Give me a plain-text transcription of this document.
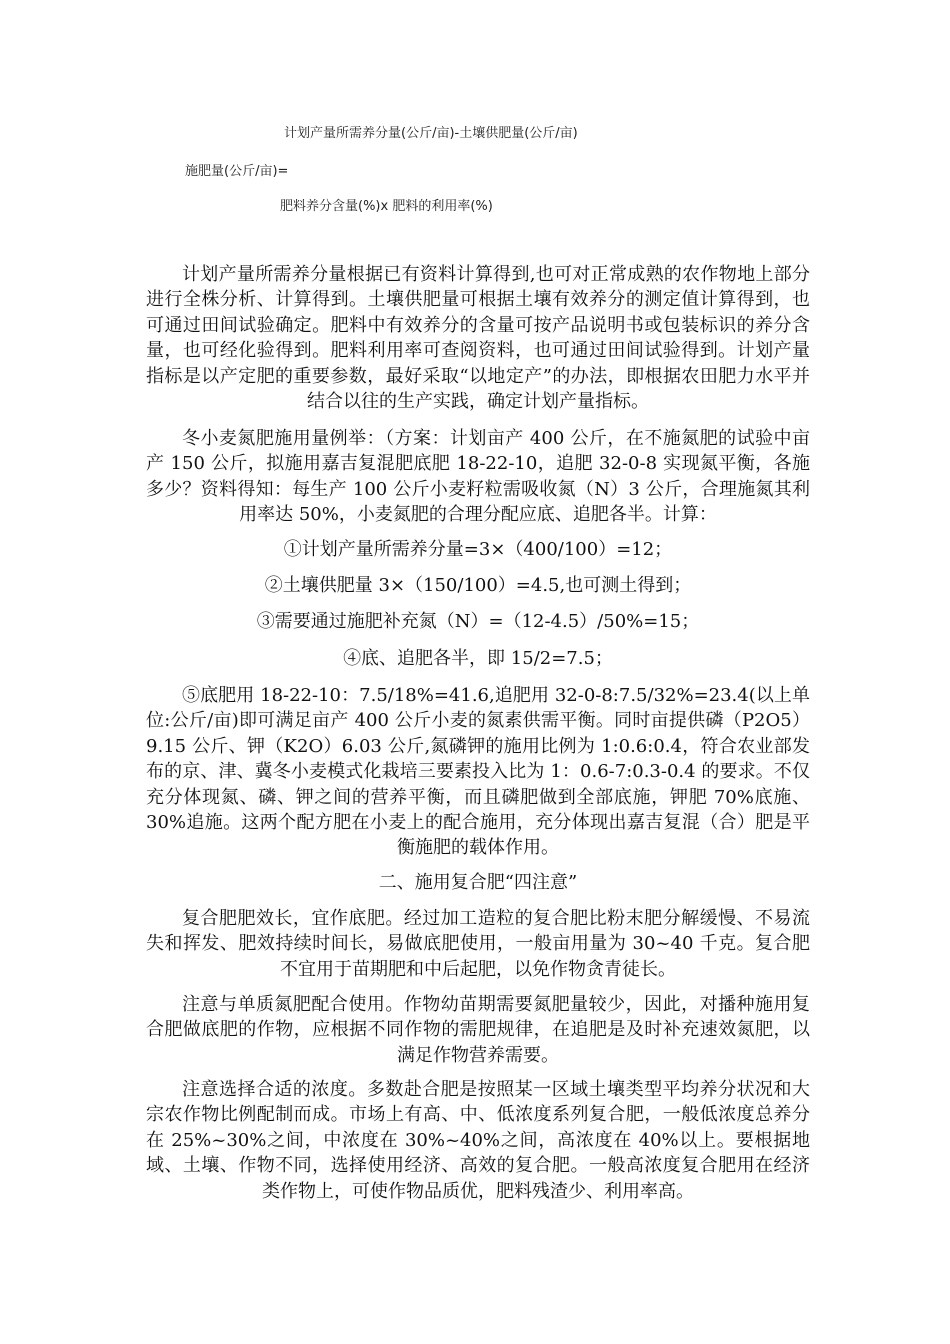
计划产量所需养分量(公斤/亩)-土壤供肥量(公斤/亩)
施肥量(公斤/亩)=
肥料养分含量(%)x 肥料的利用率(%)

计划产量所需养分量根据已有资料计算得到,也可对正常成熟的农作物地上部分进行全株分析、计算得到。土壤供肥量可根据土壤有效养分的测定值计算得到，也可通过田间试验确定。肥料中有效养分的含量可按产品说明书或包装标识的养分含量，也可经化验得到。肥料利用率可查阅资料，也可通过田间试验得到。计划产量指标是以产定肥的重要参数，最好采取“以地定产”的办法，即根据农田肥力水平并结合以往的生产实践，确定计划产量指标。

冬小麦氮肥施用量例举：（方案：计划亩产 400 公斤，在不施氮肥的试验中亩产 150 公斤，拟施用嘉吉复混肥底肥 18-22-10，追肥 32-0-8 实现氮平衡，各施多少？资料得知：每生产 100 公斤小麦籽粒需吸收氮（N）3 公斤，合理施氮其利用率达 50%，小麦氮肥的合理分配应底、追肥各半。计算：

①计划产量所需养分量=3×（400/100）=12；
②土壤供肥量 3×（150/100）=4.5,也可测土得到；
③需要通过施肥补充氮（N）=（12-4.5）/50%=15；
④底、追肥各半，即 15/2=7.5；

⑤底肥用 18-22-10：7.5/18%=41.6,追肥用 32-0-8:7.5/32%=23.4(以上单位:公斤/亩)即可满足亩产 400 公斤小麦的氮素供需平衡。同时亩提供磷（P2O5）9.15 公斤、钾（K2O）6.03 公斤,氮磷钾的施用比例为 1:0.6:0.4，符合农业部发布的京、津、冀冬小麦模式化栽培三要素投入比为 1：0.6-7:0.3-0.4 的要求。不仅充分体现氮、磷、钾之间的营养平衡，而且磷肥做到全部底施，钾肥 70%底施、30%追施。这两个配方肥在小麦上的配合施用，充分体现出嘉吉复混（合）肥是平衡施肥的载体作用。

二、施用复合肥“四注意”

复合肥肥效长，宜作底肥。经过加工造粒的复合肥比粉末肥分解缓慢、不易流失和挥发、肥效持续时间长，易做底肥使用，一般亩用量为 30~40 千克。复合肥不宜用于苗期肥和中后起肥，以免作物贪青徒长。

注意与单质氮肥配合使用。作物幼苗期需要氮肥量较少，因此，对播种施用复合肥做底肥的作物，应根据不同作物的需肥规律，在追肥是及时补充速效氮肥，以满足作物营养需要。

注意选择合适的浓度。多数赴合肥是按照某一区域土壤类型平均养分状况和大宗农作物比例配制而成。市场上有高、中、低浓度系列复合肥，一般低浓度总养分在 25%~30%之间，中浓度在 30%~40%之间，高浓度在 40%以上。要根据地域、土壤、作物不同，选择使用经济、高效的复合肥。一般高浓度复合肥用在经济类作物上，可使作物品质优，肥料残渣少、利用率高。
